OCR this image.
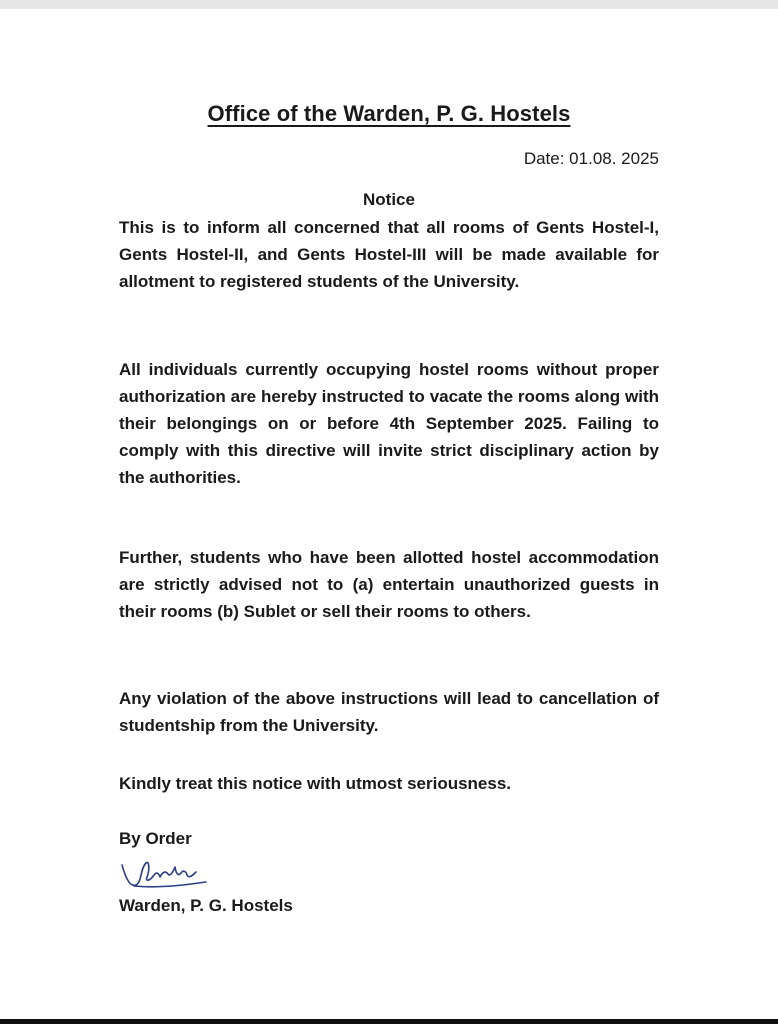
Office of the Warden, P. G. Hostels
Date: 01.08. 2025
Notice

This is to inform all concerned that all rooms of Gents Hostel-I, Gents Hostel-II, and Gents Hostel-III will be made available for allotment to registered students of the University.

All individuals currently occupying hostel rooms without proper authorization are hereby instructed to vacate the rooms along with their belongings on or before 4th September 2025. Failing to comply with this directive will invite strict disciplinary action by the authorities.

Further, students who have been allotted hostel accommodation are strictly advised not to (a) entertain unauthorized guests in their rooms (b) Sublet or sell their rooms to others.

Any violation of the above instructions will lead to cancellation of studentship from the University.

Kindly treat this notice with utmost seriousness.

By Order
Warden, P. G. Hostels
